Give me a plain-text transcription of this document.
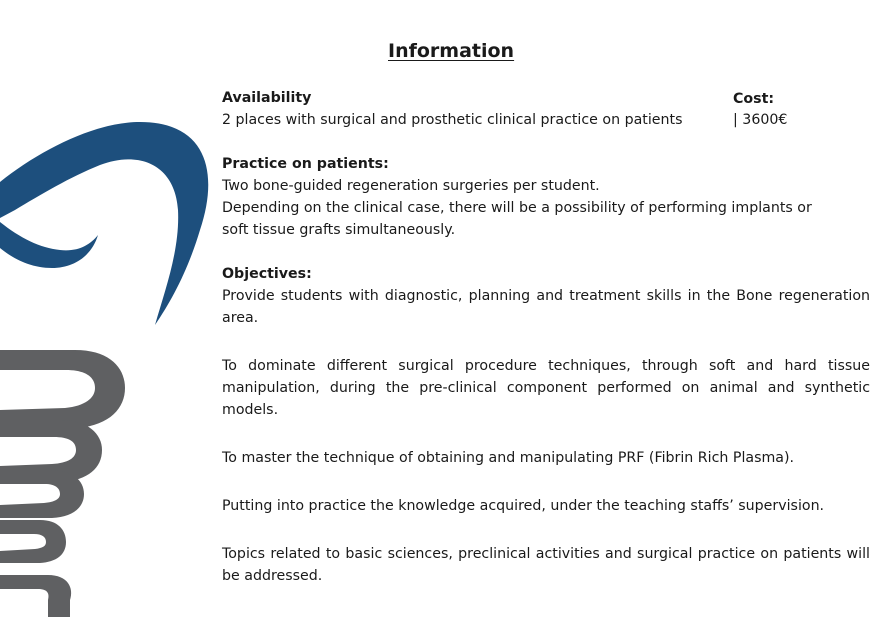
Information
Availability	Cost:
2 places with surgical and prosthetic clinical practice on patients	| 3600€
Practice on patients:
Two bone-guided regeneration surgeries per student.
Depending on the clinical case, there will be a possibility of performing implants or
soft tissue grafts simultaneously.
Objectives:
Provide students with diagnostic, planning and treatment skills in the Bone regeneration area.
To dominate different surgical procedure techniques, through soft and hard tissue manipulation, during the pre-clinical component performed on animal and synthetic models.
To master the technique of obtaining and manipulating PRF (Fibrin Rich Plasma).
Putting into practice the knowledge acquired, under the teaching staffs’ supervision.
Topics related to basic sciences, preclinical activities and surgical practice on patients will be addressed.
